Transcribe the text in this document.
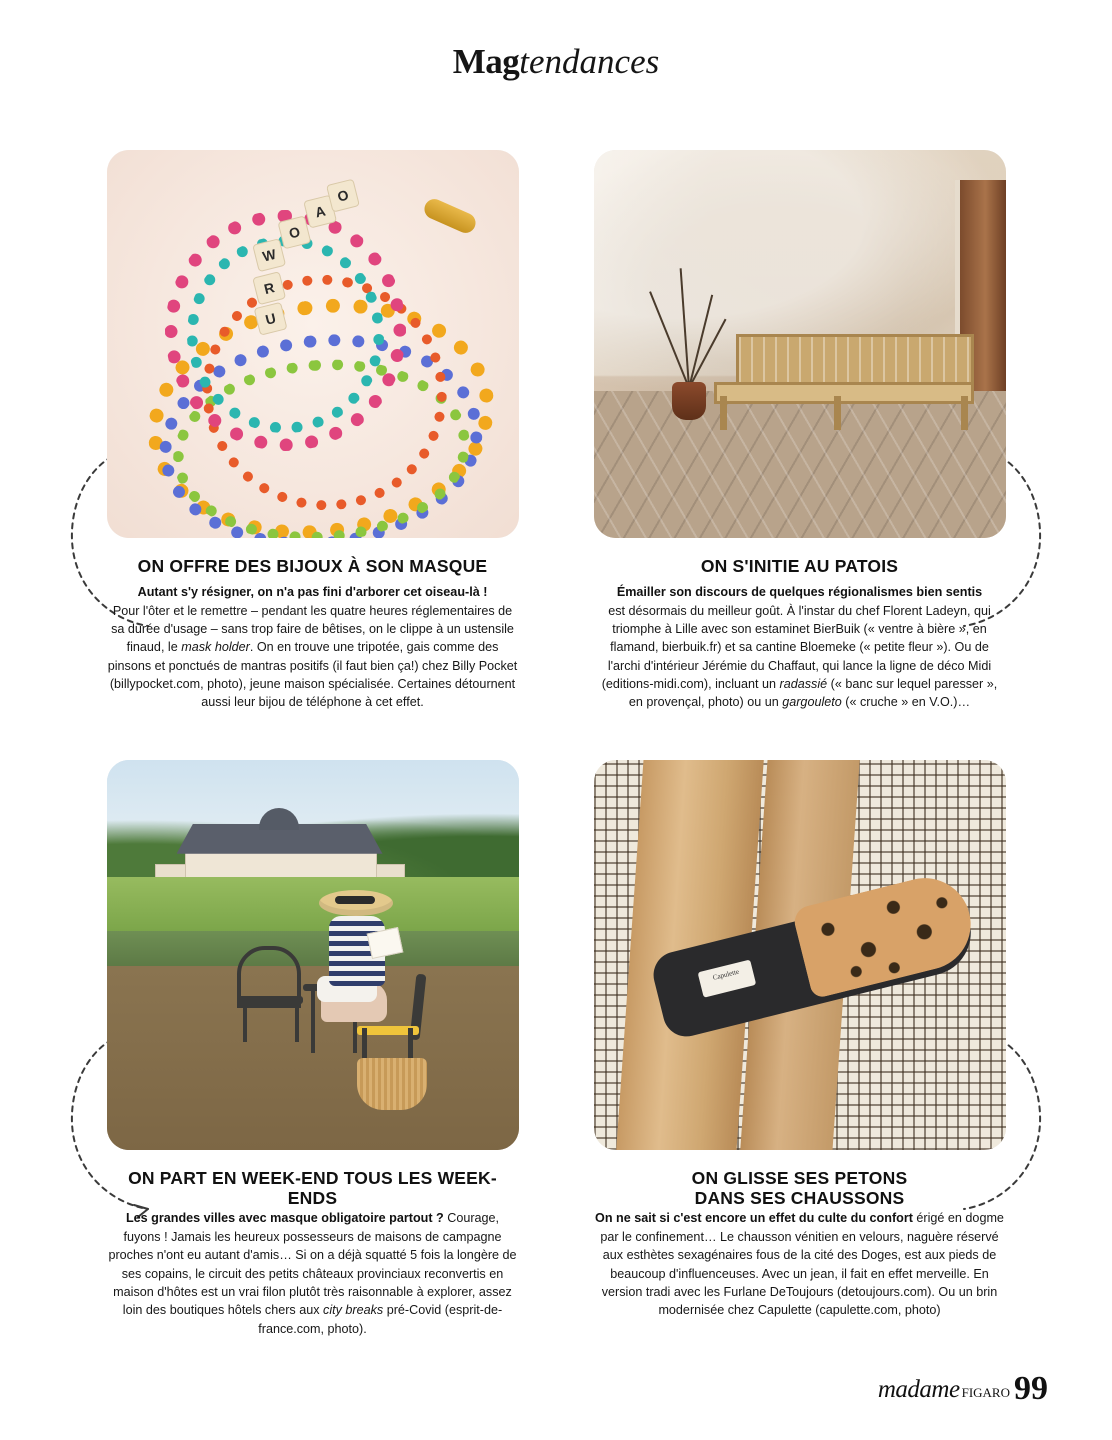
Magtendances
W
O
A
R
U
O
ON OFFRE DES BIJOUX À SON MASQUE
Autant s'y résigner, on n'a pas fini d'arborer cet oiseau-là !
Pour l'ôter et le remettre – pendant les quatre heures réglementaires de sa durée d'usage – sans trop faire de bêtises, on le clippe à un ustensile finaud, le mask holder. On en trouve une tripotée, gais comme des pinsons et ponctués de mantras positifs (il faut bien ça!) chez Billy Pocket (billypocket.com, photo), jeune maison spécialisée. Certaines détournent aussi leur bijou de téléphone à cet effet.
ON S'INITIE AU PATOIS
Émailler son discours de quelques régionalismes bien sentis
est désormais du meilleur goût. À l'instar du chef Florent Ladeyn, qui triomphe à Lille avec son estaminet BierBuik (« ventre à bière », en flamand, bierbuik.fr) et sa cantine Bloemeke (« petite fleur »). Ou de l'archi d'intérieur Jérémie du Chaffaut, qui lance la ligne de déco Midi (editions-midi.com), incluant un radassié (« banc sur lequel paresser », en provençal, photo) ou un gargouleto (« cruche » en V.O.)…
ON PART EN WEEK-END TOUS LES WEEK-ENDS
Les grandes villes avec masque obligatoire partout ? Courage, fuyons ! Jamais les heureux possesseurs de maisons de campagne proches n'ont eu autant d'amis… Si on a déjà squatté 5 fois la longère de ses copains, le circuit des petits châteaux provinciaux reconvertis en maison d'hôtes est un vrai filon plutôt très raisonnable à explorer, assez loin des boutiques hôtels chers aux city breaks pré-Covid (esprit-de-france.com, photo).
Capulette
ON GLISSE SES PETONS
DANS SES CHAUSSONS
On ne sait si c'est encore un effet du culte du confort érigé en dogme par le confinement… Le chausson vénitien en velours, naguère réservé aux esthètes sexagénaires fous de la cité des Doges, est aux pieds de beaucoup d'influenceuses. Avec un jean, il fait en effet merveille. En version tradi avec les Furlane DeToujours (detoujours.com). Ou un brin modernisée chez Capulette (capulette.com, photo)
madame FIGARO 99
